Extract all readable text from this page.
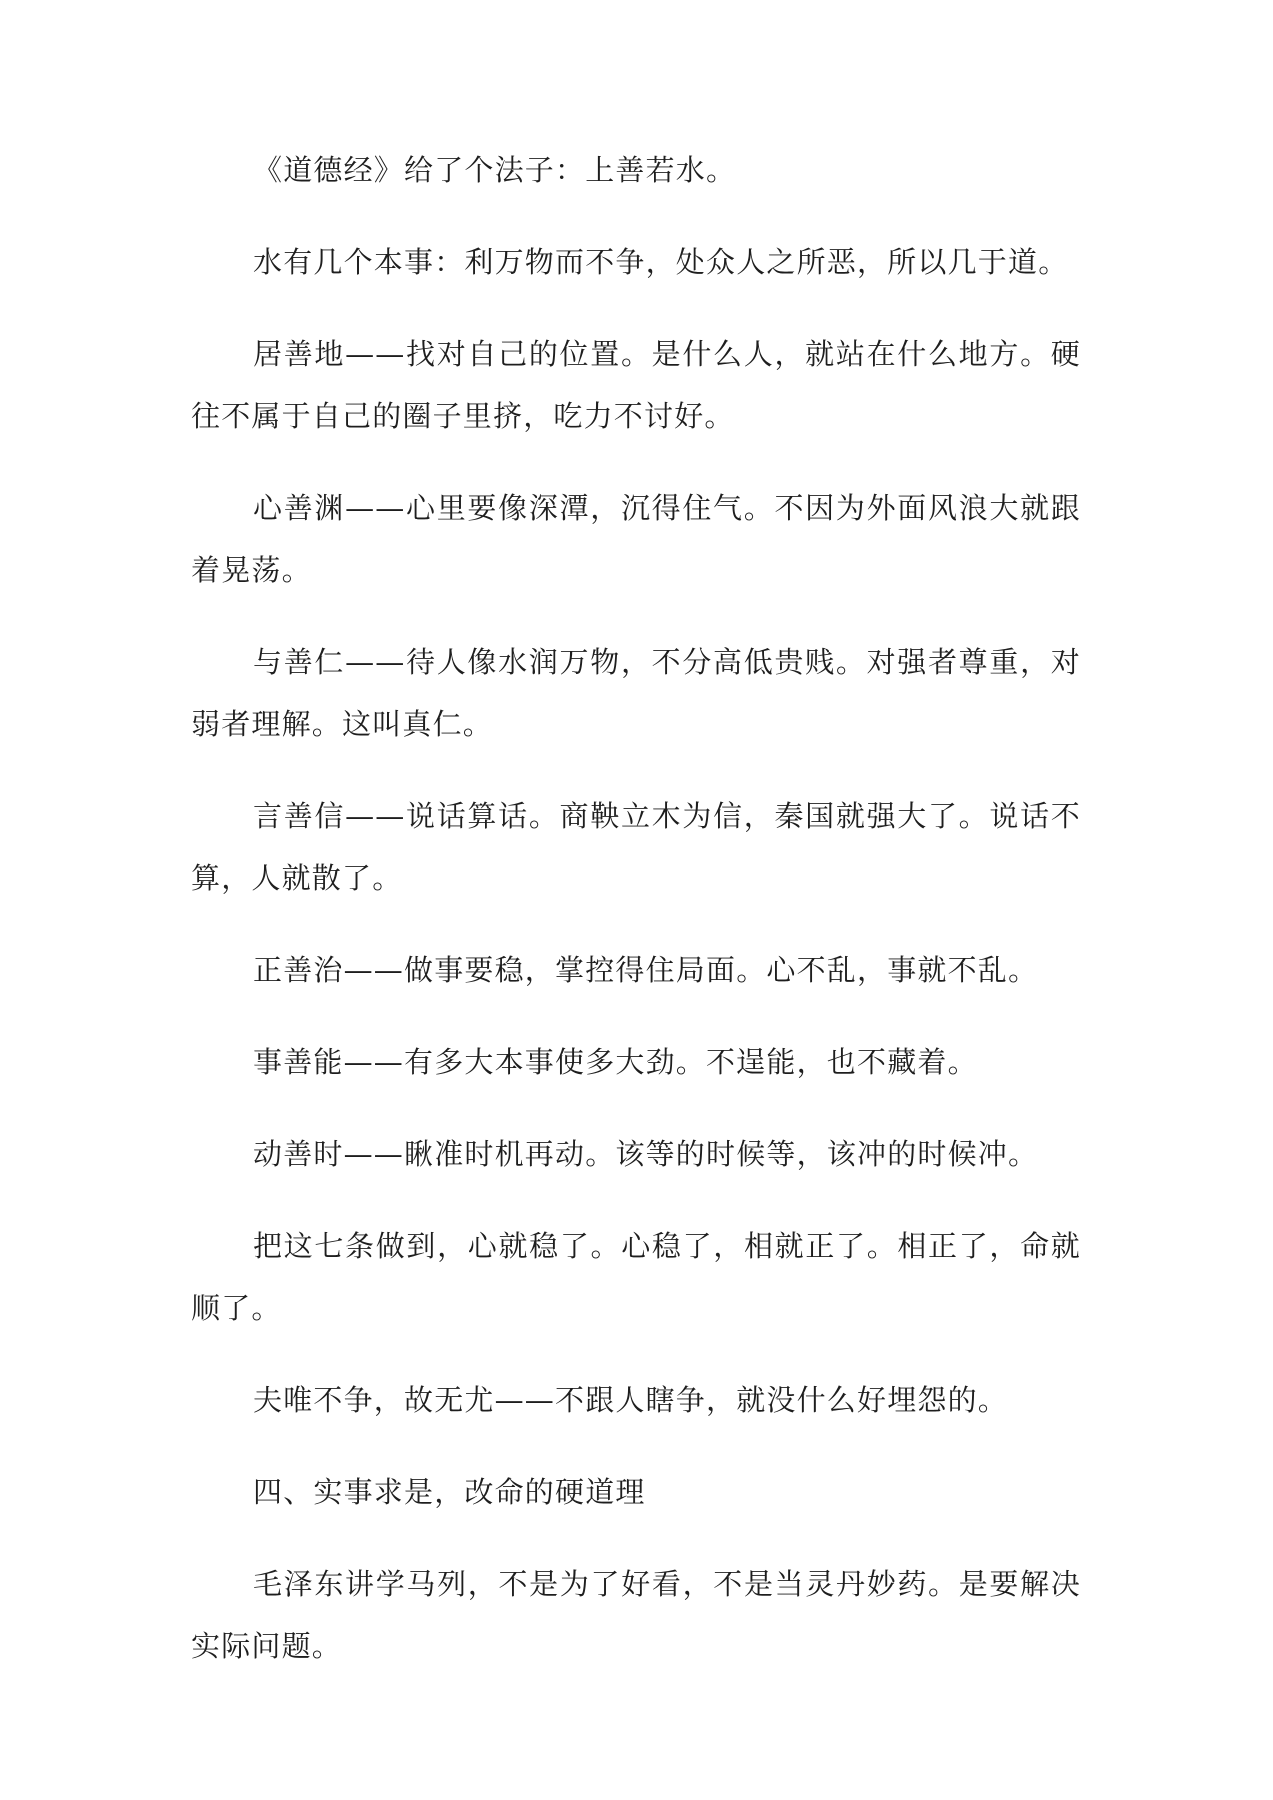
《道德经》给了个法子：上善若水。

水有几个本事：利万物而不争，处众人之所恶，所以几于道。

居善地——找对自己的位置。是什么人，就站在什么地方。硬往不属于自己的圈子里挤，吃力不讨好。

心善渊——心里要像深潭，沉得住气。不因为外面风浪大就跟着晃荡。

与善仁——待人像水润万物，不分高低贵贱。对强者尊重，对弱者理解。这叫真仁。

言善信——说话算话。商鞅立木为信，秦国就强大了。说话不算，人就散了。

正善治——做事要稳，掌控得住局面。心不乱，事就不乱。

事善能——有多大本事使多大劲。不逞能，也不藏着。

动善时——瞅准时机再动。该等的时候等，该冲的时候冲。

把这七条做到，心就稳了。心稳了，相就正了。相正了，命就顺了。

夫唯不争，故无尤——不跟人瞎争，就没什么好埋怨的。

四、实事求是，改命的硬道理

毛泽东讲学马列，不是为了好看，不是当灵丹妙药。是要解决实际问题。
